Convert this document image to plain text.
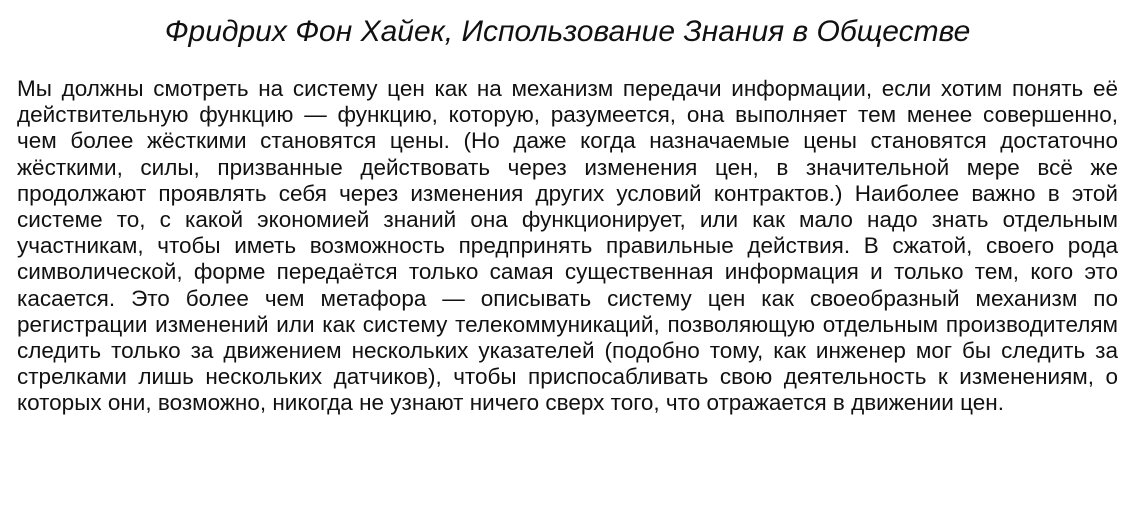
Фридрих Фон Хайек, Использование Знания в Обществе

Мы должны смотреть на систему цен как на механизм передачи информации, если хотим понять её действительную функцию — функцию, которую, разумеется, она выполняет тем менее совершенно, чем более жёсткими становятся цены. (Но даже когда назначаемые цены становятся достаточно жёсткими, силы, призванные действовать через изменения цен, в значительной мере всё же продолжают проявлять себя через изменения других условий контрактов.) Наиболее важно в этой системе то, с какой экономией знаний она функционирует, или как мало надо знать отдельным участникам, чтобы иметь возможность предпринять правильные действия. В сжатой, своего рода символической, форме передаётся только самая существенная информация и только тем, кого это касается. Это более чем метафора — описывать систему цен как своеобразный механизм по регистрации изменений или как систему телекоммуникаций, позволяющую отдельным производителям следить только за движением нескольких указателей (подобно тому, как инженер мог бы следить за стрелками лишь нескольких датчиков), чтобы приспосабливать свою деятельность к изменениям, о которых они, возможно, никогда не узнают ничего сверх того, что отражается в движении цен.
